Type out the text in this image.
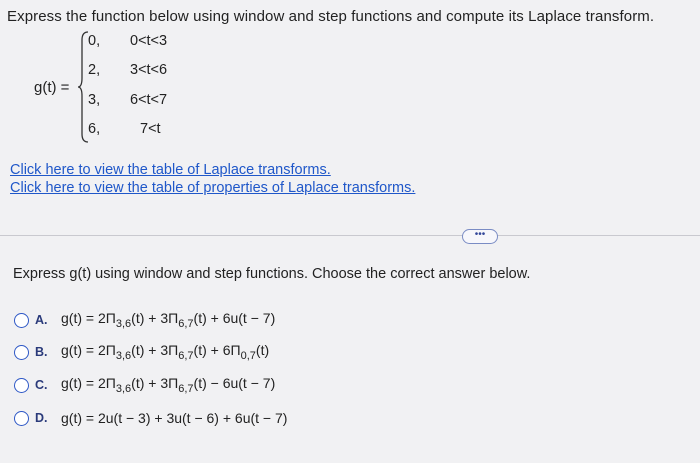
Express the function below using window and step functions and compute its Laplace transform.
g(t) =
0, 0<t<3
2, 3<t<6
3, 6<t<7
6,	7<t
Click here to view the table of Laplace transforms.
Click here to view the table of properties of Laplace transforms.
•••
Express g(t) using window and step functions. Choose the correct answer below.
A. $g(t) = 2\Pi_{3,6}(t) + 3\Pi_{6,7}(t) + 6u(t - 7)$
B. $g(t) = 2\Pi_{3,6}(t) + 3\Pi_{6,7}(t) + 6\Pi_{0,7}(t)$
C. $g(t) = 2\Pi_{3,6}(t) + 3\Pi_{6,7}(t) - 6u(t - 7)$
D. g(t) = 2u(t − 3) + 3u(t − 6) + 6u(t − 7)
